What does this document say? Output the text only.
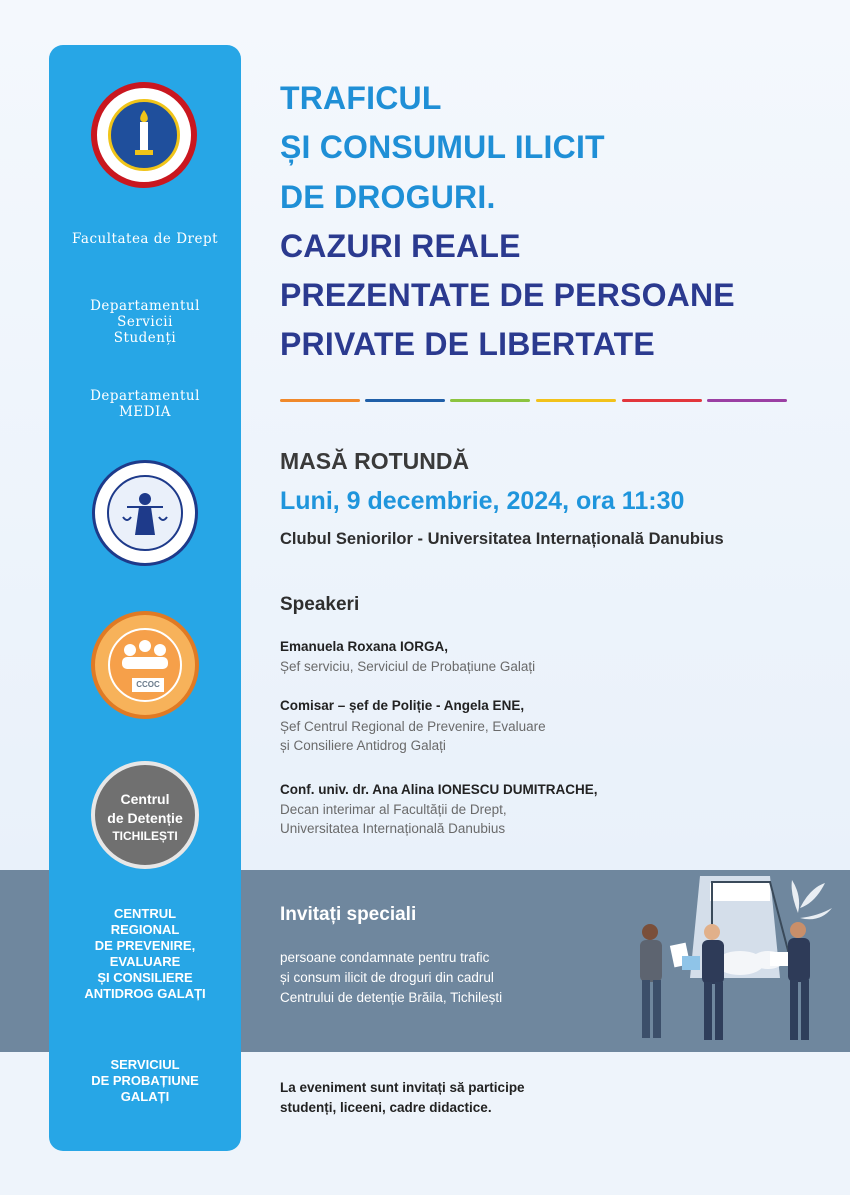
Facultatea de Drept
Departamentul
Servicii
Studenți
Departamentul
MEDIA
CCOC
Centrul
de Detenție
TICHILEȘTI
CENTRUL
REGIONAL
DE PREVENIRE,
EVALUARE
ȘI CONSILIERE
ANTIDROG GALAȚI
SERVICIUL
DE PROBAȚIUNE
GALAȚI
TRAFICUL
ȘI CONSUMUL ILICIT
DE DROGURI.
CAZURI REALE
PREZENTATE DE PERSOANE
PRIVATE DE LIBERTATE
MASĂ ROTUNDĂ
Luni, 9 decembrie, 2024, ora 11:30
Clubul Seniorilor - Universitatea Internațională Danubius
Speakeri
Emanuela Roxana IORGA,
Șef serviciu, Serviciul de Probațiune Galați
Comisar – șef de Poliție - Angela ENE,
Șef Centrul Regional de Prevenire, Evaluare
și Consiliere Antidrog Galați
Conf. univ. dr. Ana Alina IONESCU DUMITRACHE,
Decan interimar al Facultății de Drept,
Universitatea Internațională Danubius
Invitați speciali
persoane condamnate pentru trafic
și consum ilicit de droguri din cadrul
Centrului de detenție Brăila, Tichilești
La eveniment sunt invitați să participe
studenți, liceeni, cadre didactice.
